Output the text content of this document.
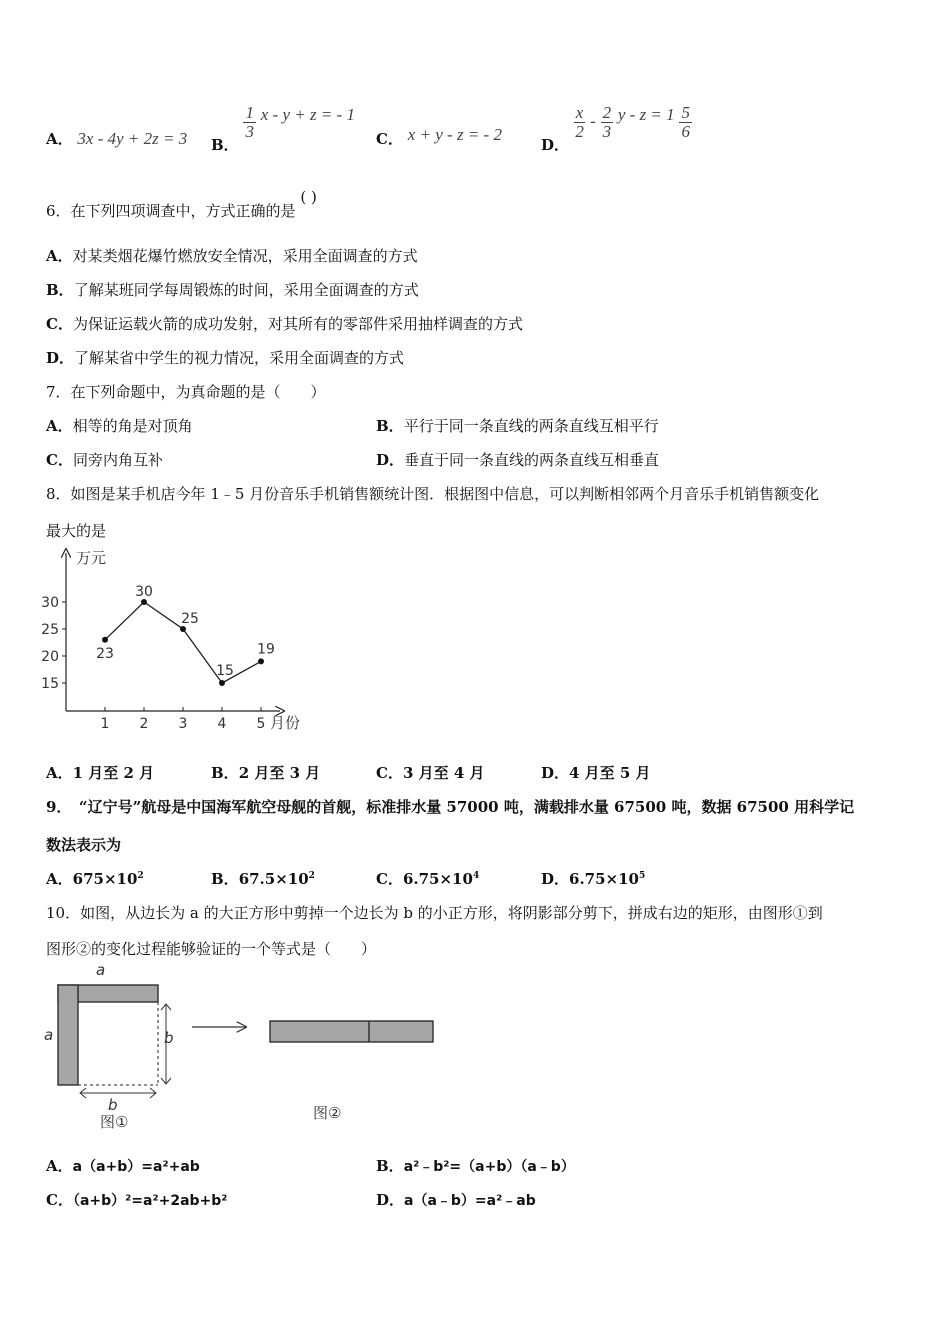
A． 3x - 4y + 2z = 3 B．
$\frac{1}{3}$ x - y + z = - 1
C． x + y - z = - 2
D．
$\frac{x}{2} - \frac{2}{3}$ $y - z = 1 \frac{5}{6}$
6．在下列四项调查中，方式正确的是 ( )
A．对某类烟花爆竹燃放安全情况，采用全面调查的方式
B．了解某班同学每周锻炼的时间，采用全面调查的方式
C．为保证运载火箭的成功发射，对其所有的零部件采用抽样调查的方式
D．了解某省中学生的视力情况，采用全面调查的方式
7．在下列命题中，为真命题的是（　　）
A．相等的角是对顶角	B．平行于同一条直线的两条直线互相平行
C．同旁内角互补	D．垂直于同一条直线的两条直线互相垂直
8．如图是某手机店今年 1﹣5 月份音乐手机销售额统计图．根据图中信息，可以判断相邻两个月音乐手机销售额变化
最大的是
万元
月份
15
20
25
30
1 2 3 4 5
23
30
25
15
19
A．1 月至 2 月	B．2 月至 3 月	C．3 月至 4 月	D．4 月至 5 月
9．　“辽宁号”航母是中国海军航空母舰的首舰，标准排水量 57000 吨，满载排水量 67500 吨，数据 67500 用科学记
数法表示为
A．$675\times 10^2$	B．$67.5\times 10^2$	C．$6.75\times 10^4$	D．$6.75\times 10^5$
10．如图，从边长为 a 的大正方形中剪掉一个边长为 b 的小正方形，将阴影部分剪下，拼成右边的矩形，由图形①到
图形②的变化过程能够验证的一个等式是（　　）
a
a	b
b
图①	图②
A．a（a+b）=a²+ab	B．a²﹣b²=（a+b）（a﹣b）
C．（a+b）²=a²+2ab+b²	D．a（a﹣b）=a²﹣ab
